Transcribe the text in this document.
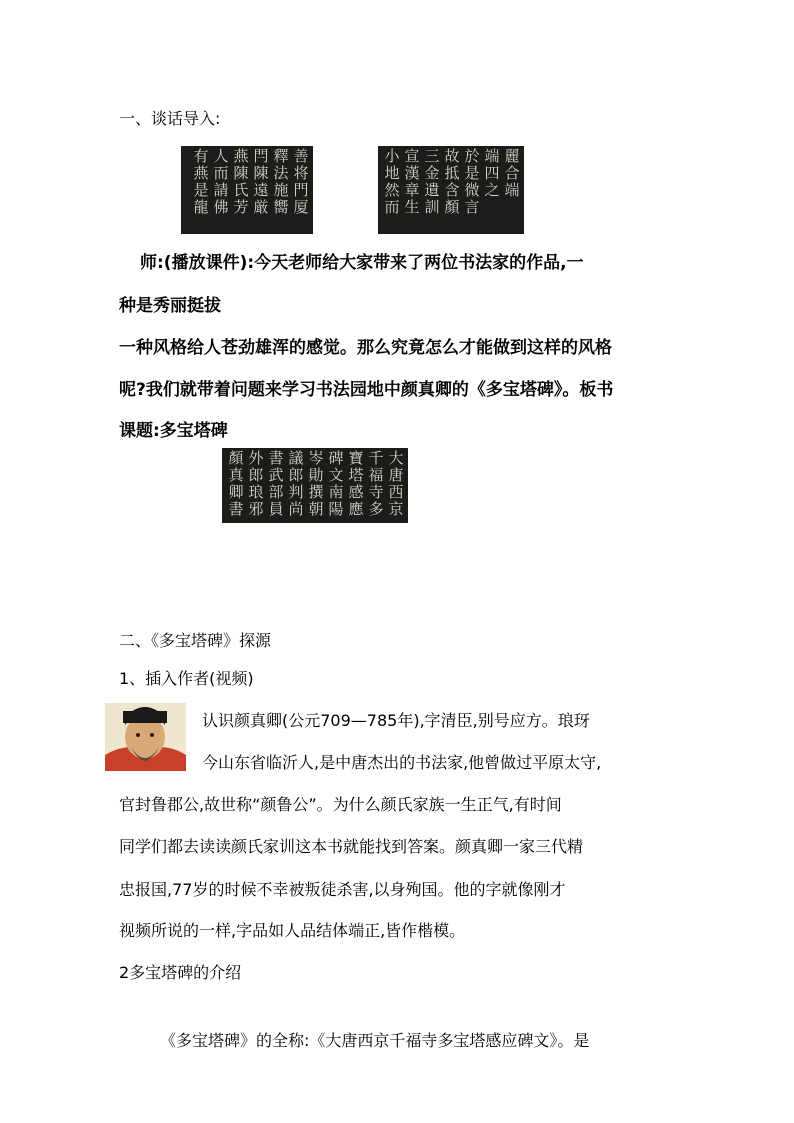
一、谈话导入:
善将門厦
釋法施嚮
閂陳遠厳
燕陳氏芳
人而請佛
有燕是龍
麗合端
端四之
於是微言
故抵含顏
三金遺訓
宣漢章生
小地然而
师:(播放课件):今天老师给大家带来了两位书法家的作品,一
种是秀丽挺拔
一种风格给人苍劲雄浑的感觉。那么究竟怎么才能做到这样的风格
呢?我们就带着问题来学习书法园地中颜真卿的《多宝塔碑》。板书
课题:多宝塔碑
大唐西京
千福寺多
寶塔感應
碑文南陽
岑勛撰朝
議郎判尚
書武部員
外郎琅邪
顏真卿書
二、《多宝塔碑》探源
1、插入作者(视频)
认识颜真卿(公元709—785年),字清臣,别号应方。琅玡
今山东省临沂人,是中唐杰出的书法家,他曾做过平原太守,
官封鲁郡公,故世称“颜鲁公”。为什么颜氏家族一生正气,有时间
同学们都去读读颜氏家训这本书就能找到答案。颜真卿一家三代精
忠报国,77岁的时候不幸被叛徒杀害,以身殉国。他的字就像刚才
视频所说的一样,字品如人品结体端正,皆作楷模。
2多宝塔碑的介绍
《多宝塔碑》的全称:《大唐西京千福寺多宝塔感应碑文》。是
